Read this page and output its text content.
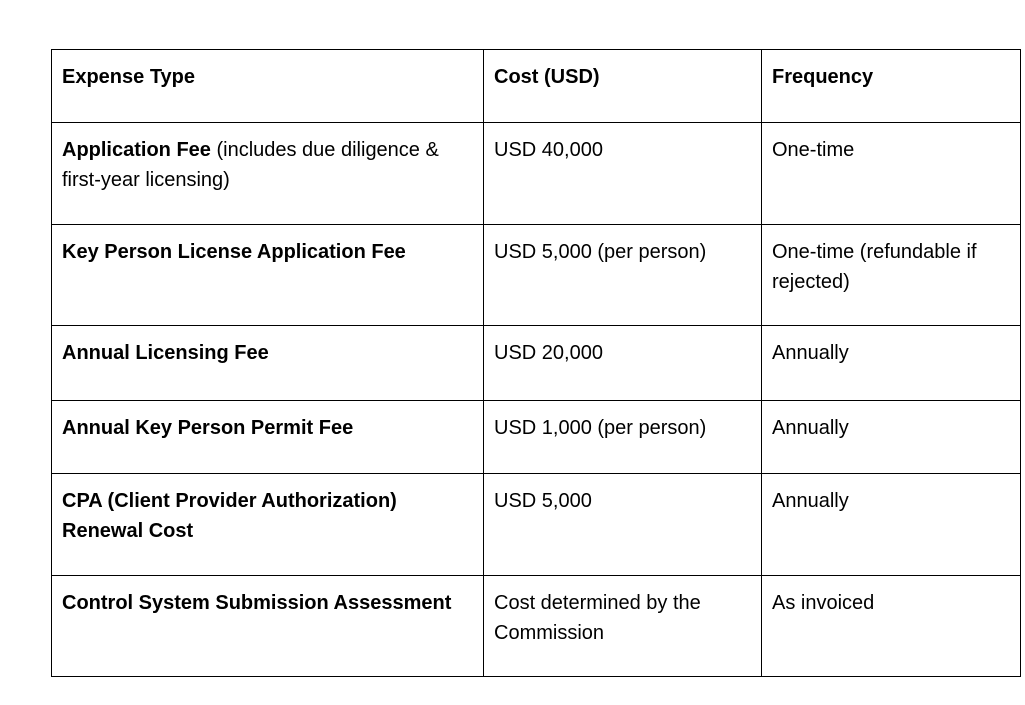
Expense Type	Cost (USD)	Frequency
Application Fee (includes due diligence & first-year licensing)	USD 40,000	One-time
Key Person License Application Fee	USD 5,000 (per person)	One-time (refundable if rejected)
Annual Licensing Fee	USD 20,000	Annually
Annual Key Person Permit Fee	USD 1,000 (per person)	Annually
CPA (Client Provider Authorization) Renewal Cost	USD 5,000	Annually
Control System Submission Assessment	Cost determined by the Commission	As invoiced
